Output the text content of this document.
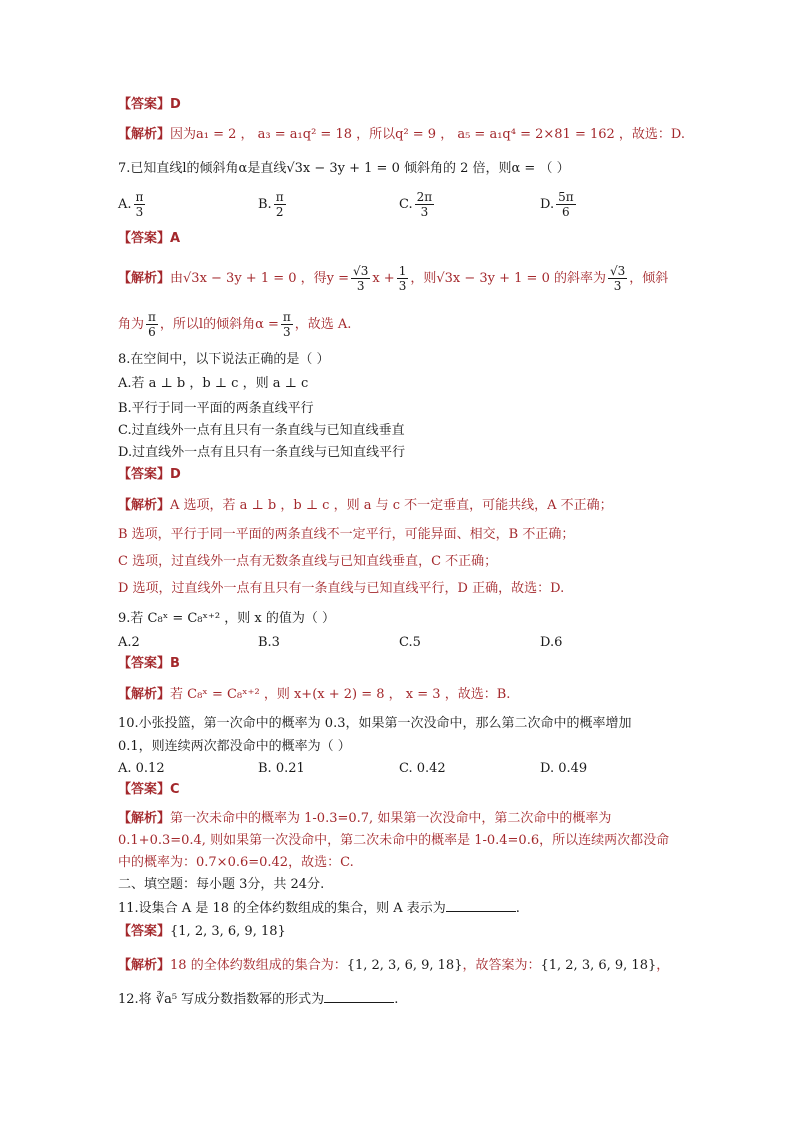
【答案】D
【解析】因为a₁ = 2 ， a₃ = a₁q² = 18 ，所以q² = 9 ， a₅ = a₁q⁴ = 2×81 = 162 ，故选：D.
7.已知直线l的倾斜角α是直线√3x − 3y + 1 = 0 倾斜角的 2 倍，则α = （ ）
A. $\frac{\pi}{3}$	B. $\frac{\pi}{2}$	C. $\frac{2\pi}{3}$	D. $\frac{5\pi}{6}$
【答案】A
【解析】由√3x − 3y + 1 = 0 ，得$y = \frac{√3}{3}$ $x + \frac{1}{3}$ ，则√3x − 3y + 1 = 0 的斜率为 $\frac{√3}{3}$ ，倾斜
角为 $\frac{\pi}{6}$ ，所以l的倾斜角$\alpha = \frac{\pi}{3}$ ，故选 A.
8.在空间中，以下说法正确的是（ ）
A.若 a ⊥ b ，b ⊥ c ，则 a ⊥ c
B.平行于同一平面的两条直线平行
C.过直线外一点有且只有一条直线与已知直线垂直
D.过直线外一点有且只有一条直线与已知直线平行
【答案】D
【解析】A 选项，若 a ⊥ b ，b ⊥ c ，则 a 与 c 不一定垂直，可能共线，A 不正确；
B 选项，平行于同一平面的两条直线不一定平行，可能异面、相交，B 不正确；
C 选项，过直线外一点有无数条直线与已知直线垂直，C 不正确；
D 选项，过直线外一点有且只有一条直线与已知直线平行，D 正确，故选：D.
9.若 C₈ˣ = C₈ˣ⁺² ，则 x 的值为（ ）
A.2	B.3	C.5	D.6
【答案】B
【解析】若 C₈ˣ = C₈ˣ⁺² ，则 x+(x + 2) = 8 ， x = 3 ，故选：B.
10.小张投篮，第一次命中的概率为 0.3，如果第一次没命中，那么第二次命中的概率增加
0.1，则连续两次都没命中的概率为（ ）
A. 0.12	B. 0.21	C. 0.42	D. 0.49
【答案】C
【解析】第一次未命中的概率为 1-0.3=0.7, 如果第一次没命中，第二次命中的概率为
0.1+0.3=0.4, 则如果第一次没命中，第二次未命中的概率是 1-0.4=0.6，所以连续两次都没命
中的概率为：0.7×0.6=0.42，故选：C.
二、填空题：每小题 3分，共 24分.
11.设集合 A 是 18 的全体约数组成的集合，则 A 表示为	.
【答案】{1, 2, 3, 6, 9, 18}
【解析】18 的全体约数组成的集合为：{1, 2, 3, 6, 9, 18}，故答案为：{1, 2, 3, 6, 9, 18}，
12.将 ∛a⁵ 写成分数指数幂的形式为	.
